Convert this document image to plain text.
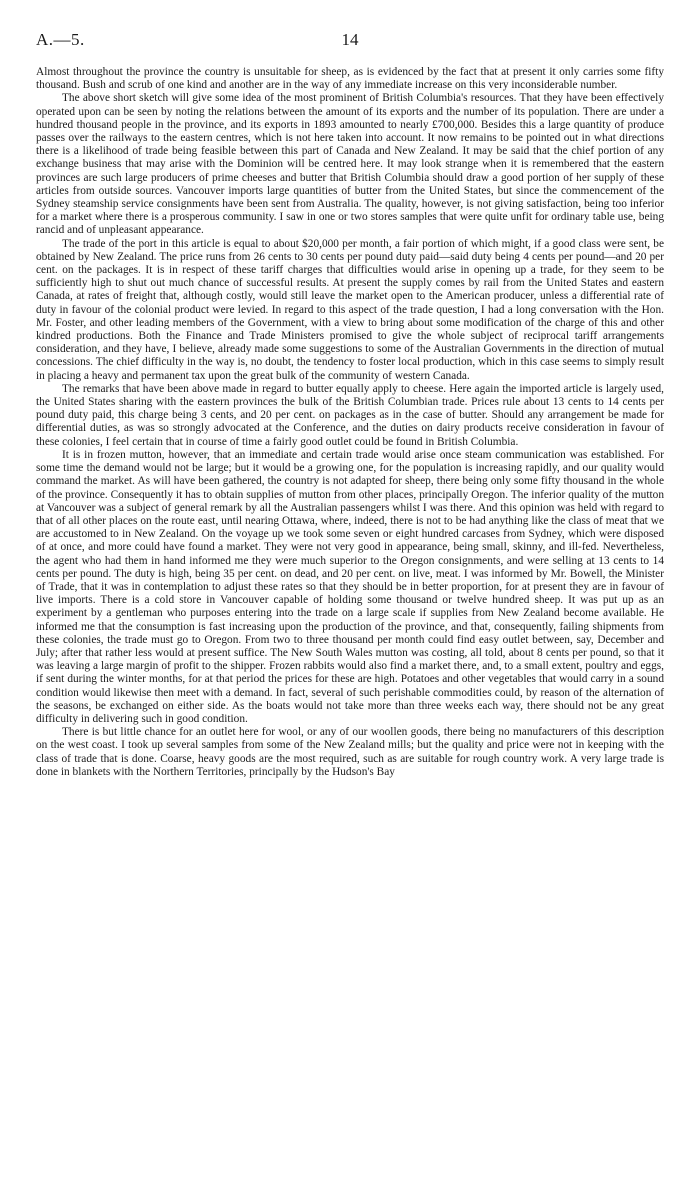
A.—5.	14

Almost throughout the province the country is unsuitable for sheep, as is evidenced by the fact that at present it only carries some fifty thousand. Bush and scrub of one kind and another are in the way of any immediate increase on this very inconsiderable number.

The above short sketch will give some idea of the most prominent of British Columbia's resources. That they have been effectively operated upon can be seen by noting the relations between the amount of its exports and the number of its population. There are under a hundred thousand people in the province, and its exports in 1893 amounted to nearly £700,000. Besides this a large quantity of produce passes over the railways to the eastern centres, which is not here taken into account. It now remains to be pointed out in what directions there is a likelihood of trade being feasible between this part of Canada and New Zealand. It may be said that the chief portion of any exchange business that may arise with the Dominion will be centred here. It may look strange when it is remembered that the eastern provinces are such large producers of prime cheeses and butter that British Columbia should draw a good portion of her supply of these articles from outside sources. Vancouver imports large quantities of butter from the United States, but since the commencement of the Sydney steamship service consignments have been sent from Australia. The quality, however, is not giving satisfaction, being too inferior for a market where there is a prosperous community. I saw in one or two stores samples that were quite unfit for ordinary table use, being rancid and of unpleasant appearance.

The trade of the port in this article is equal to about $20,000 per month, a fair portion of which might, if a good class were sent, be obtained by New Zealand. The price runs from 26 cents to 30 cents per pound duty paid—said duty being 4 cents per pound—and 20 per cent. on the packages. It is in respect of these tariff charges that difficulties would arise in opening up a trade, for they seem to be sufficiently high to shut out much chance of successful results. At present the supply comes by rail from the United States and eastern Canada, at rates of freight that, although costly, would still leave the market open to the American producer, unless a differential rate of duty in favour of the colonial product were levied. In regard to this aspect of the trade question, I had a long conversation with the Hon. Mr. Foster, and other leading members of the Government, with a view to bring about some modification of the charge of this and other kindred productions. Both the Finance and Trade Ministers promised to give the whole subject of reciprocal tariff arrangements consideration, and they have, I believe, already made some suggestions to some of the Australian Governments in the direction of mutual concessions. The chief difficulty in the way is, no doubt, the tendency to foster local production, which in this case seems to simply result in placing a heavy and permanent tax upon the great bulk of the community of western Canada.

The remarks that have been above made in regard to butter equally apply to cheese. Here again the imported article is largely used, the United States sharing with the eastern provinces the bulk of the British Columbian trade. Prices rule about 13 cents to 14 cents per pound duty paid, this charge being 3 cents, and 20 per cent. on packages as in the case of butter. Should any arrangement be made for differential duties, as was so strongly advocated at the Conference, and the duties on dairy products receive consideration in favour of these colonies, I feel certain that in course of time a fairly good outlet could be found in British Columbia.

It is in frozen mutton, however, that an immediate and certain trade would arise once steam communication was established. For some time the demand would not be large; but it would be a growing one, for the population is increasing rapidly, and our quality would command the market. As will have been gathered, the country is not adapted for sheep, there being only some fifty thousand in the whole of the province. Consequently it has to obtain supplies of mutton from other places, principally Oregon. The inferior quality of the mutton at Vancouver was a subject of general remark by all the Australian passengers whilst I was there. And this opinion was held with regard to that of all other places on the route east, until nearing Ottawa, where, indeed, there is not to be had anything like the class of meat that we are accustomed to in New Zealand. On the voyage up we took some seven or eight hundred carcases from Sydney, which were disposed of at once, and more could have found a market. They were not very good in appearance, being small, skinny, and ill-fed. Nevertheless, the agent who had them in hand informed me they were much superior to the Oregon consignments, and were selling at 13 cents to 14 cents per pound. The duty is high, being 35 per cent. on dead, and 20 per cent. on live, meat. I was informed by Mr. Bowell, the Minister of Trade, that it was in contemplation to adjust these rates so that they should be in better proportion, for at present they are in favour of live imports. There is a cold store in Vancouver capable of holding some thousand or twelve hundred sheep. It was put up as an experiment by a gentleman who purposes entering into the trade on a large scale if supplies from New Zealand become available. He informed me that the consumption is fast increasing upon the production of the province, and that, consequently, failing shipments from these colonies, the trade must go to Oregon. From two to three thousand per month could find easy outlet between, say, December and July; after that rather less would at present suffice. The New South Wales mutton was costing, all told, about 8 cents per pound, so that it was leaving a large margin of profit to the shipper. Frozen rabbits would also find a market there, and, to a small extent, poultry and eggs, if sent during the winter months, for at that period the prices for these are high. Potatoes and other vegetables that would carry in a sound condition would likewise then meet with a demand. In fact, several of such perishable commodities could, by reason of the alternation of the seasons, be exchanged on either side. As the boats would not take more than three weeks each way, there should not be any great difficulty in delivering such in good condition.

There is but little chance for an outlet here for wool, or any of our woollen goods, there being no manufacturers of this description on the west coast. I took up several samples from some of the New Zealand mills; but the quality and price were not in keeping with the class of trade that is done. Coarse, heavy goods are the most required, such as are suitable for rough country work. A very large trade is done in blankets with the Northern Territories, principally by the Hudson's Bay
